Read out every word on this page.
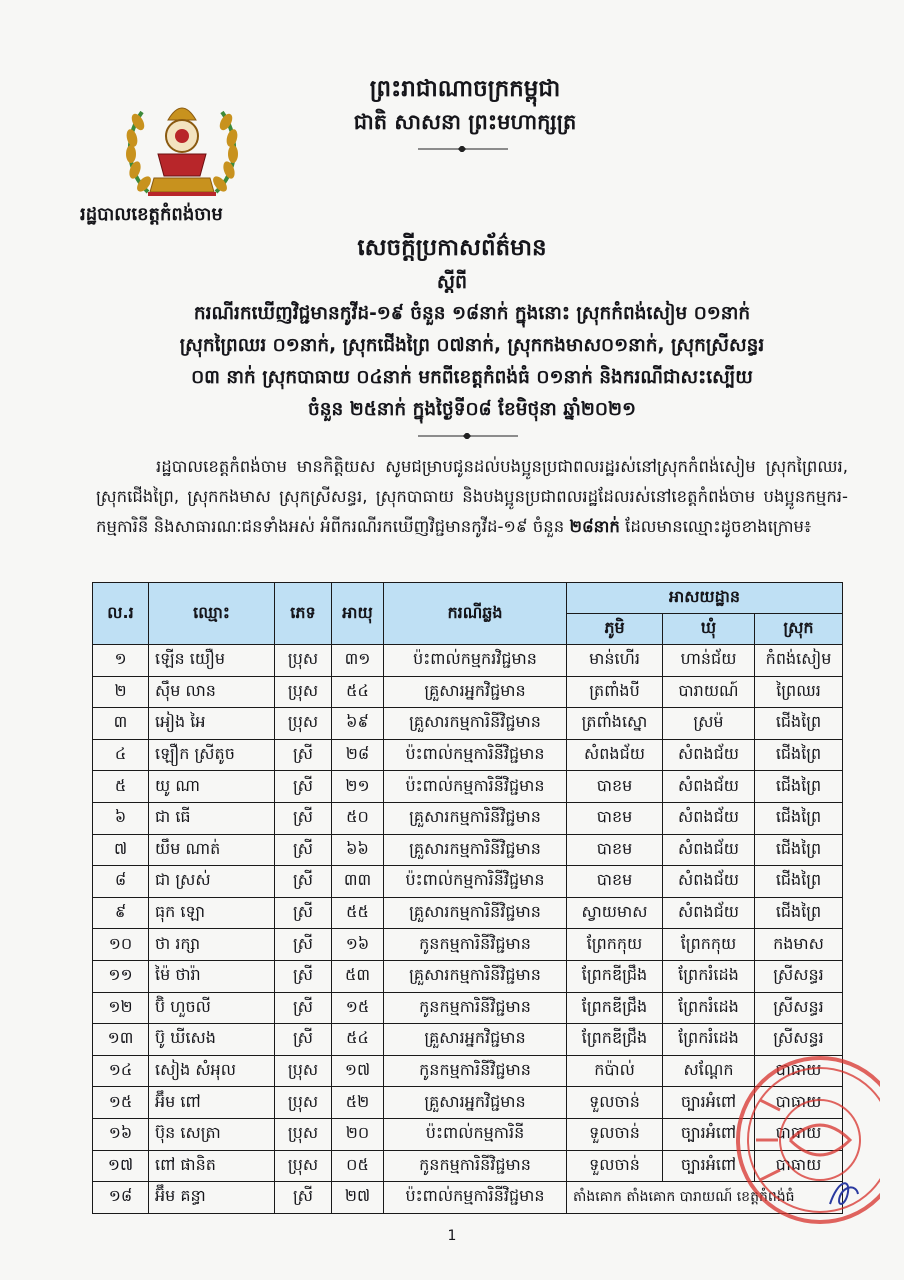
ព្រះរាជាណាចក្រកម្ពុជា
ជាតិ សាសនា ព្រះមហាក្សត្រ
រដ្ឋបាលខេត្តកំពង់ចាម
សេចក្ដីប្រកាសព័ត៌មាន
ស្ដីពី
ករណីរកឃើញវិជ្ជមានកូវីដ-១៩ ចំនួន ១៨នាក់ ក្នុងនោះ ស្រុកកំពង់សៀម ០១នាក់
ស្រុកព្រៃឈរ ០១នាក់, ស្រុកជើងព្រៃ ០៧នាក់, ស្រុកកងមាស០១នាក់, ស្រុកស្រីសន្ធរ
០៣ នាក់ ស្រុកបាធាយ ០៤នាក់ មកពីខេត្តកំពង់ធំ ០១នាក់ និងករណីជាសះស្បើយ
ចំនួន ២៥នាក់ ក្នុងថ្ងៃទី០៨ ខែមិថុនា ឆ្នាំ២០២១
រដ្ឋបាលខេត្តកំពង់ចាម មានកិត្តិយស សូមជម្រាបជូនដល់បងប្អូនប្រជាពលរដ្ឋរស់នៅស្រុកកំពង់សៀម ស្រុកព្រៃឈរ, ស្រុកជើងព្រៃ, ស្រុកកងមាស ស្រុកស្រីសន្ធរ, ស្រុកបាធាយ និងបងប្អូនប្រជាពលរដ្ឋដែលរស់នៅខេត្តកំពង់ចាម បងប្អូនកម្មករ-កម្មការិនី និងសាធារណៈជនទាំងអស់ អំពីករណីរកឃើញវិជ្ជមានកូវីដ-១៩ ចំនួន ២៨នាក់ ដែលមានឈ្មោះដូចខាងក្រោម៖
ល.រ	ឈ្មោះ	ភេទ	អាយុ	ករណីឆ្លង	អាសយដ្ឋាន		
					ភូមិ	ឃុំ	ស្រុក
១	ឡើន យឿម	ប្រុស	៣១	ប៉ះពាល់កម្មករវិជ្ជមាន	មាន់ហើរ	ហាន់ជ័យ	កំពង់សៀម
២	ស៊ឹម លាន	ប្រុស	៥៤	គ្រួសារអ្នកវិជ្ជមាន	ត្រពាំងបី	បារាយណ៍	ព្រៃឈរ
៣	អៀង អៃ	ប្រុស	៦៩	គ្រួសារកម្មការិនីវិជ្ជមាន	ត្រពាំងស្នោ	ស្រម៉	ជើងព្រៃ
៤	ឡឿក ស្រីតូច	ស្រី	២៨	ប៉ះពាល់កម្មការិនីវិជ្ជមាន	សំពងជ័យ	សំពងជ័យ	ជើងព្រៃ
៥	យូ ណា	ស្រី	២១	ប៉ះពាល់កម្មការិនីវិជ្ជមាន	បាខម	សំពងជ័យ	ជើងព្រៃ
៦	ជា ធើ	ស្រី	៥០	គ្រួសារកម្មការិនីវិជ្ជមាន	បាខម	សំពងជ័យ	ជើងព្រៃ
៧	យឹម ណាត់	ស្រី	៦៦	គ្រួសារកម្មការិនីវិជ្ជមាន	បាខម	សំពងជ័យ	ជើងព្រៃ
៨	ជា ស្រស់	ស្រី	៣៣	ប៉ះពាល់កម្មការិនីវិជ្ជមាន	បាខម	សំពងជ័យ	ជើងព្រៃ
៩	ធុក ឡោ	ស្រី	៥៥	គ្រួសារកម្មការិនីវិជ្ជមាន	ស្វាយមាស	សំពងជ័យ	ជើងព្រៃ
១០	ថា រក្សា	ស្រី	១៦	កូនកម្មការិនីវិជ្ជមាន	ព្រែកកុយ	ព្រែកកុយ	កងមាស
១១	ម៉ៃ ថារ៉ា	ស្រី	៥៣	គ្រួសារកម្មការិនីវិជ្ជមាន	ព្រែកឌីជ្រឹង	ព្រែករំដេង	ស្រីសន្ធរ
១២	ប៊ិ ហួចលី	ស្រី	១៥	កូនកម្មការិនីវិជ្ជមាន	ព្រែកឌីជ្រឹង	ព្រែករំដេង	ស្រីសន្ធរ
១៣	ប៊ូ ឃីសេង	ស្រី	៥៤	គ្រួសារអ្នកវិជ្ជមាន	ព្រែកឌីជ្រឹង	ព្រែករំដេង	ស្រីសន្ធរ
១៤	សៀង សំអុល	ប្រុស	១៧	កូនកម្មការិនីវិជ្ជមាន	កប៉ាល់	សណ្ដែក	បាធាយ
១៥	អ៊ឹម ពៅ	ប្រុស	៥២	គ្រួសារអ្នកវិជ្ជមាន	ទួលចាន់	ច្បារអំពៅ	បាធាយ
១៦	ប៊ុន សេត្រា	ប្រុស	២០	ប៉ះពាល់កម្មការិនី	ទួលចាន់	ច្បារអំពៅ	បាធាយ
១៧	ពៅ ផានិត	ប្រុស	០៥	កូនកម្មការិនីវិជ្ជមាន	ទួលចាន់	ច្បារអំពៅ	បាធាយ
១៨	អ៊ឹម គន្ធា	ស្រី	២៧	ប៉ះពាល់កម្មការិនីវិជ្ជមាន	តាំងគោក តាំងគោក បារាយណ៍ ខេត្តកំពង់ធំ		
1
